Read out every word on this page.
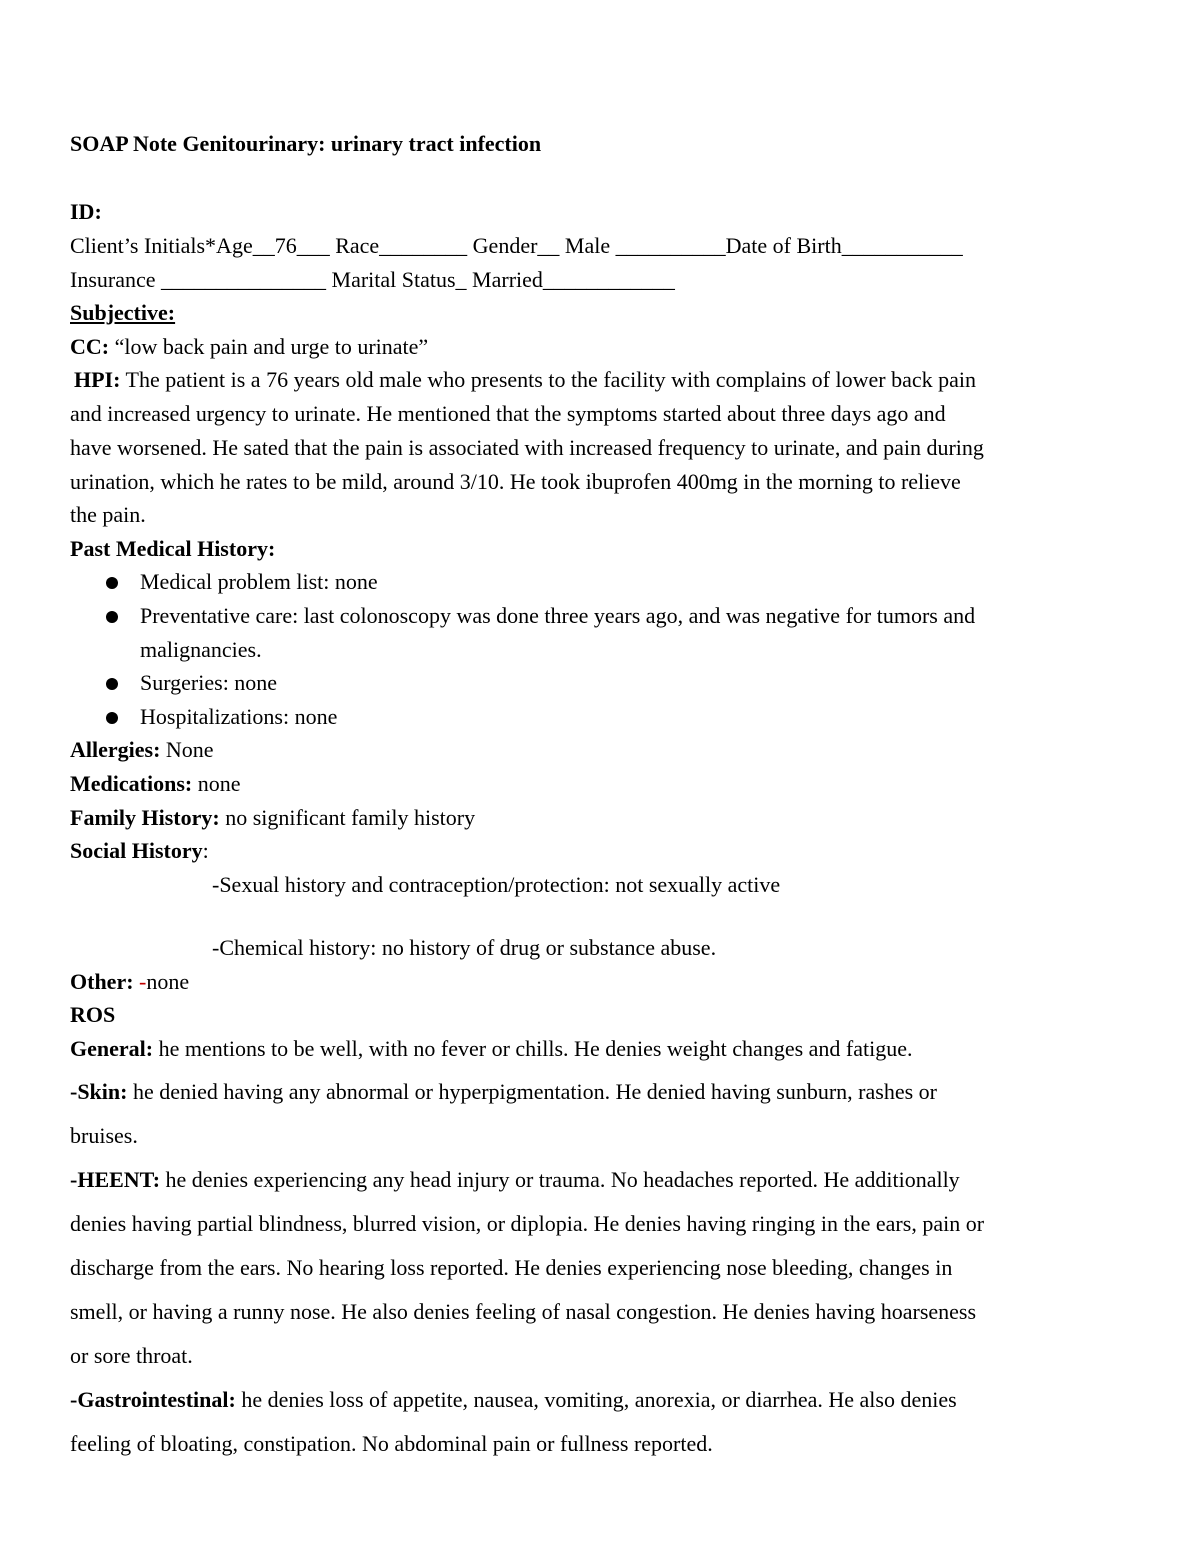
SOAP Note Genitourinary: urinary tract infection
ID:
Client’s Initials*Age__76___ Race________ Gender__ Male __________Date of Birth___________
Insurance _______________ Marital Status_ Married____________
Subjective:
CC: “low back pain and urge to urinate”
HPI: The patient is a 76 years old male who presents to the facility with complains of lower back pain
and increased urgency to urinate. He mentioned that the symptoms started about three days ago and
have worsened. He sated that the pain is associated with increased frequency to urinate, and pain during
urination, which he rates to be mild, around 3/10. He took ibuprofen 400mg in the morning to relieve
the pain.
Past Medical History:
Medical problem list: none
Preventative care: last colonoscopy was done three years ago, and was negative for tumors and
malignancies.
Surgeries: none
Hospitalizations: none
Allergies: None
Medications: none
Family History: no significant family history
Social History:
-Sexual history and contraception/protection: not sexually active
-Chemical history: no history of drug or substance abuse.
Other: -none
ROS
General: he mentions to be well, with no fever or chills. He denies weight changes and fatigue.
-Skin: he denied having any abnormal or hyperpigmentation. He denied having sunburn, rashes or
bruises.
-HEENT: he denies experiencing any head injury or trauma. No headaches reported. He additionally
denies having partial blindness, blurred vision, or diplopia. He denies having ringing in the ears, pain or
discharge from the ears. No hearing loss reported. He denies experiencing nose bleeding, changes in
smell, or having a runny nose. He also denies feeling of nasal congestion. He denies having hoarseness
or sore throat.
-Gastrointestinal: he denies loss of appetite, nausea, vomiting, anorexia, or diarrhea. He also denies
feeling of bloating, constipation. No abdominal pain or fullness reported.
